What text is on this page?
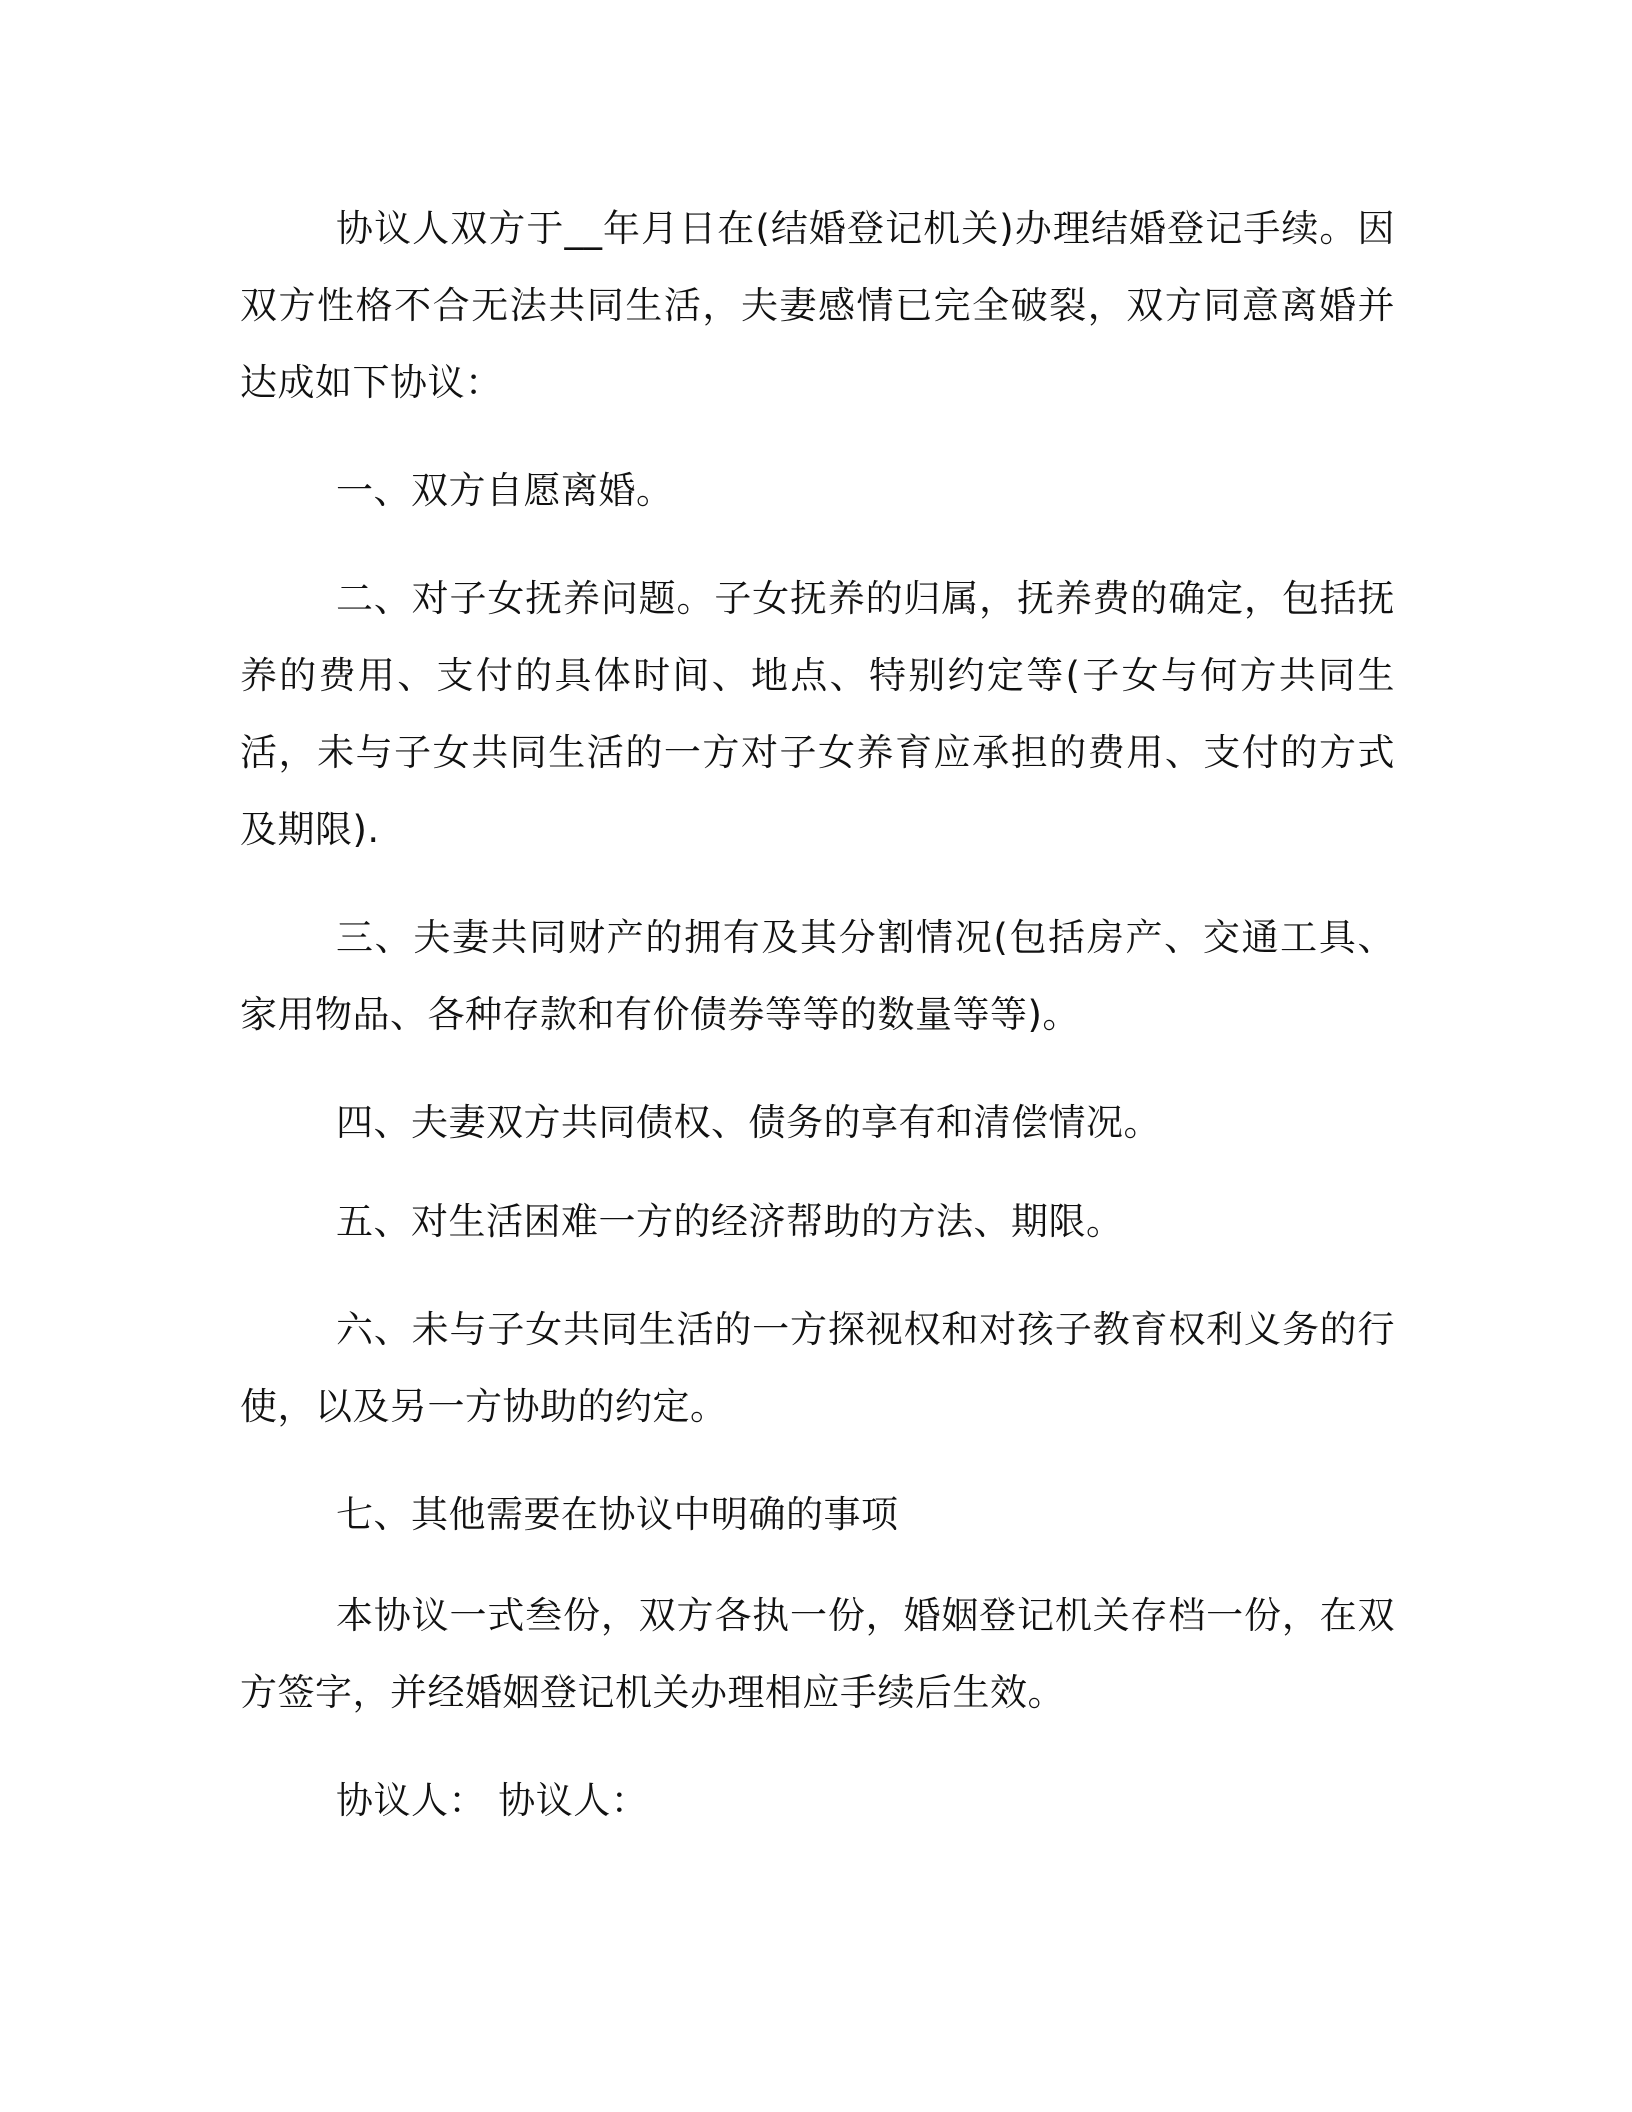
协议人双方于__年月日在(结婚登记机关)办理结婚登记手续。因双方性格不合无法共同生活，夫妻感情已完全破裂，双方同意离婚并达成如下协议：

一、双方自愿离婚。

二、对子女抚养问题。子女抚养的归属，抚养费的确定，包括抚养的费用、支付的具体时间、地点、特别约定等(子女与何方共同生活，未与子女共同生活的一方对子女养育应承担的费用、支付的方式及期限).

三、夫妻共同财产的拥有及其分割情况(包括房产、交通工具、家用物品、各种存款和有价债券等等的数量等等)。

四、夫妻双方共同债权、债务的享有和清偿情况。

五、对生活困难一方的经济帮助的方法、期限。

六、未与子女共同生活的一方探视权和对孩子教育权利义务的行使，以及另一方协助的约定。

七、其他需要在协议中明确的事项

本协议一式叁份，双方各执一份，婚姻登记机关存档一份，在双方签字，并经婚姻登记机关办理相应手续后生效。

协议人： 协议人：
